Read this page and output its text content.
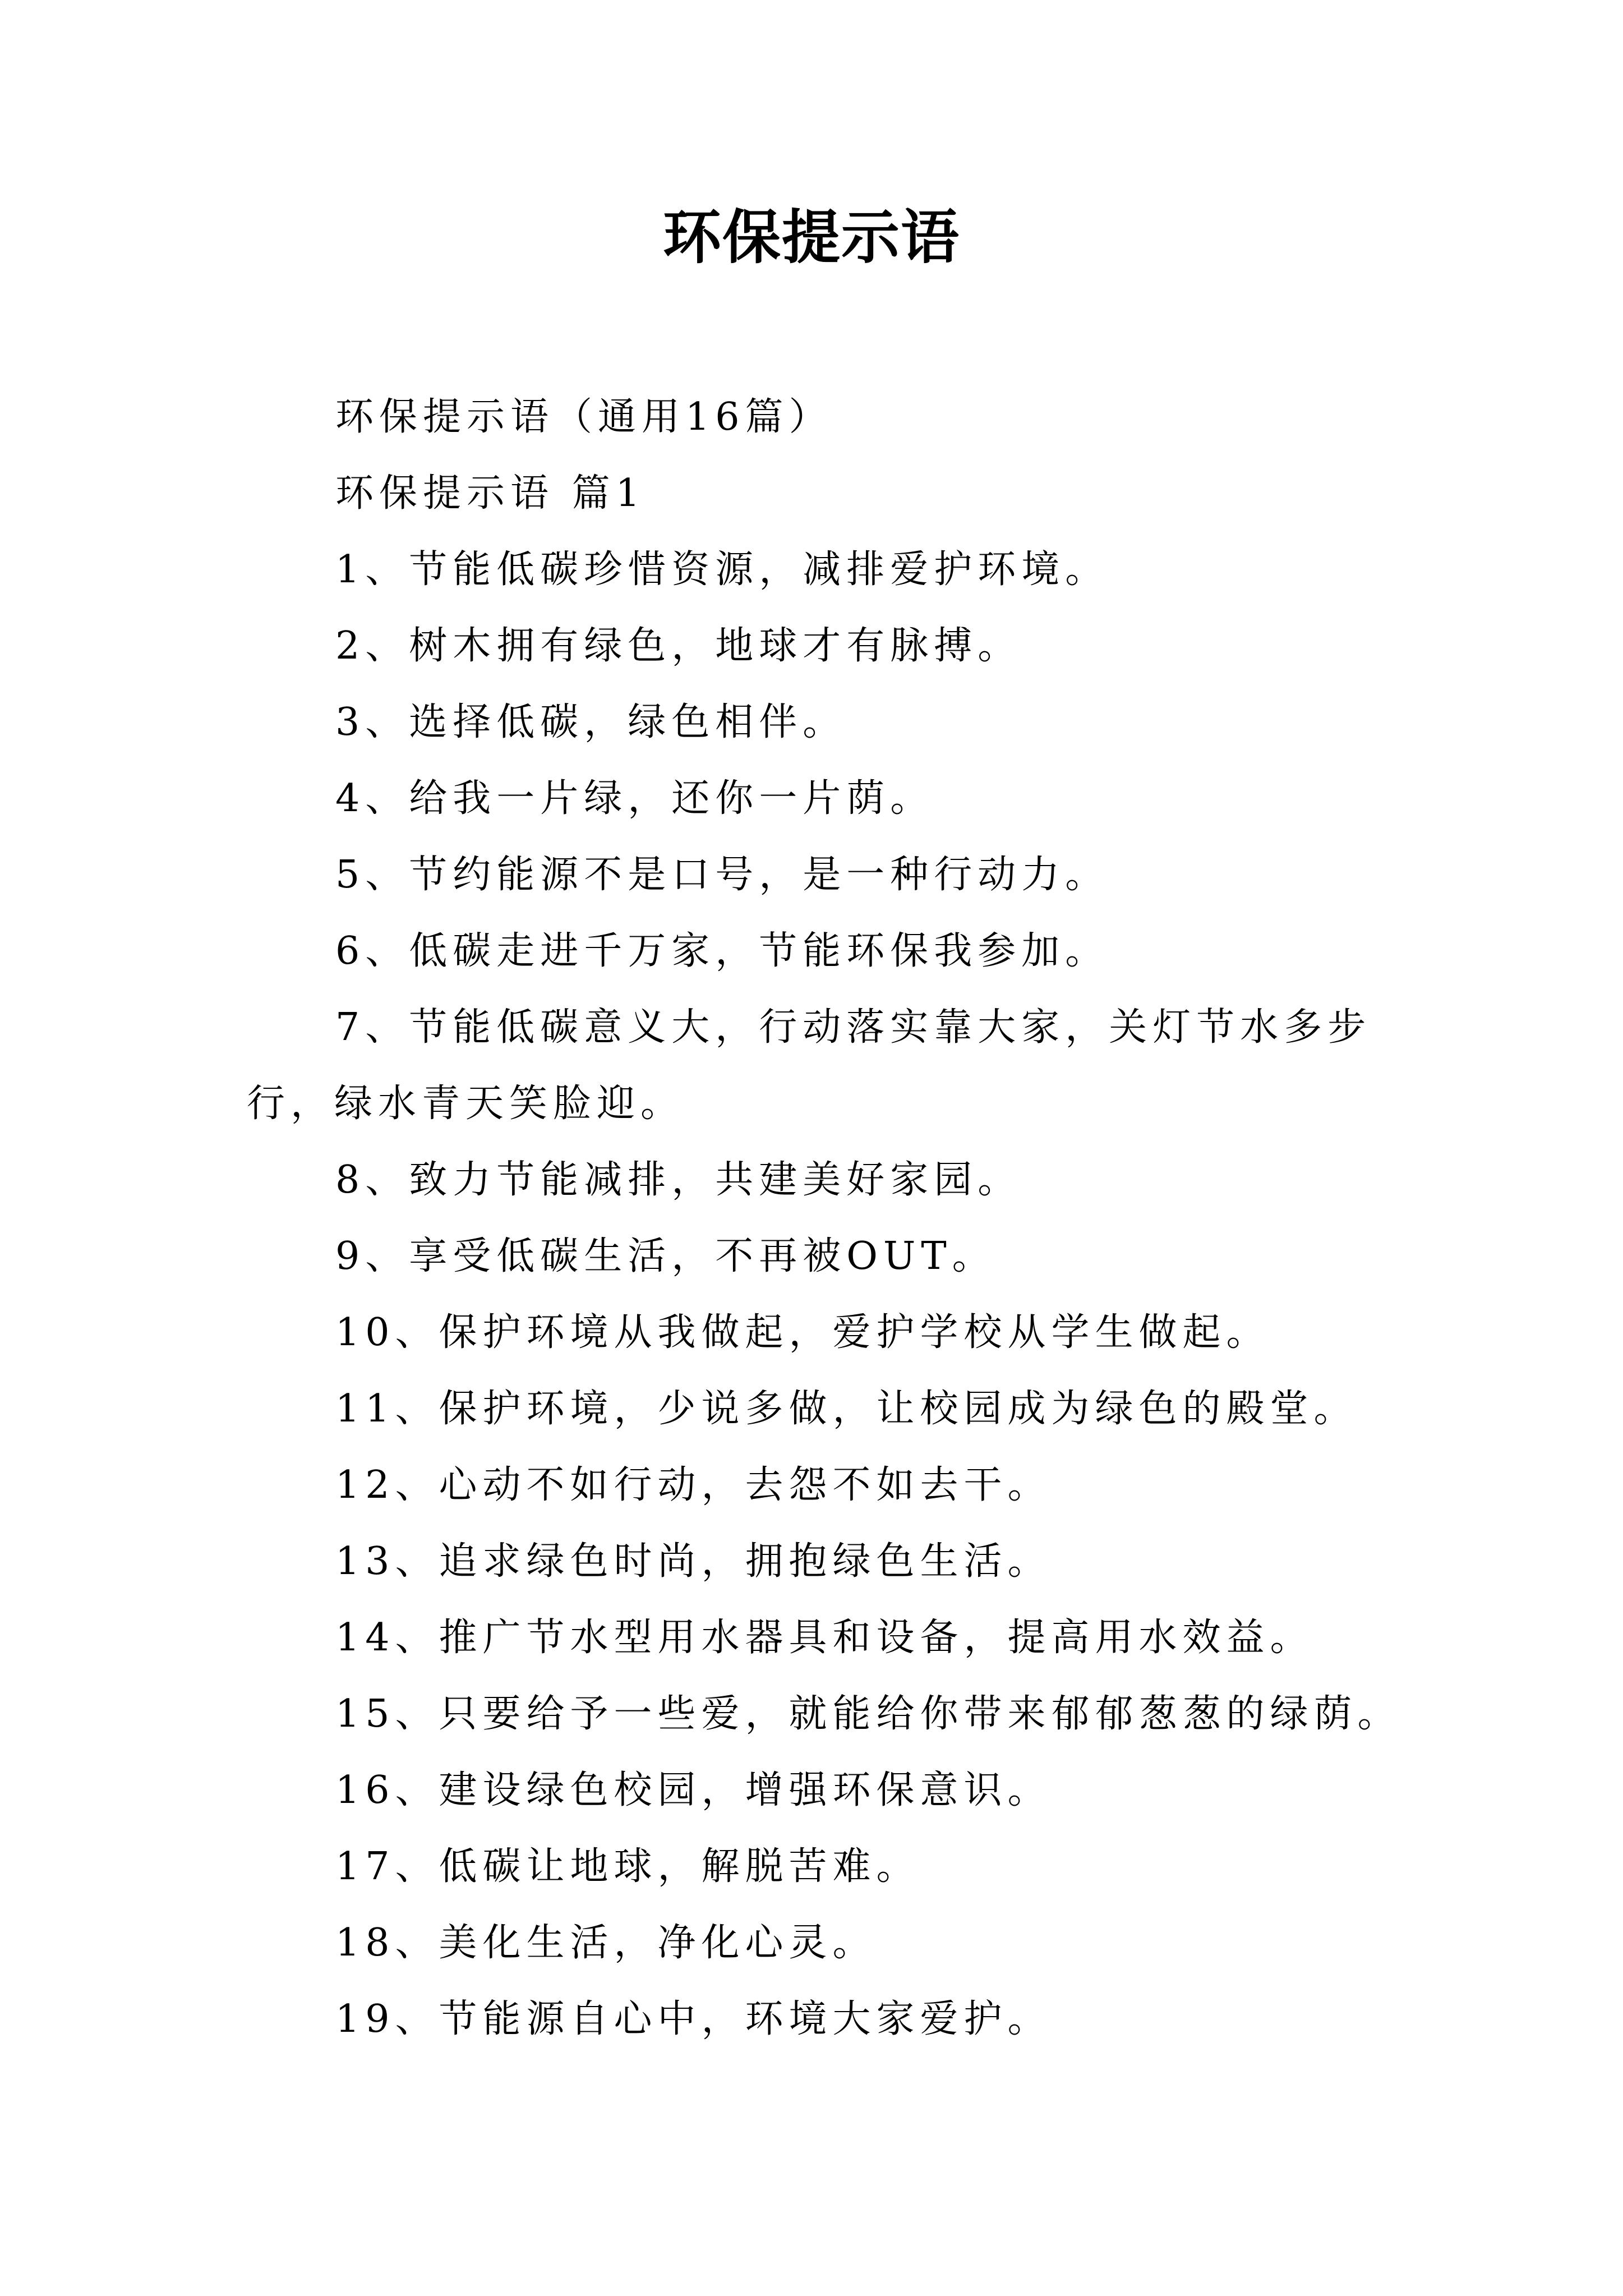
环保提示语
环保提示语（通用16篇）
环保提示语 篇1
1、节能低碳珍惜资源，减排爱护环境。
2、树木拥有绿色，地球才有脉搏。
3、选择低碳，绿色相伴。
4、给我一片绿，还你一片荫。
5、节约能源不是口号，是一种行动力。
6、低碳走进千万家，节能环保我参加。
7、节能低碳意义大，行动落实靠大家，关灯节水多步
行，绿水青天笑脸迎。
8、致力节能减排，共建美好家园。
9、享受低碳生活，不再被OUT。
10、保护环境从我做起，爱护学校从学生做起。
11、保护环境，少说多做，让校园成为绿色的殿堂。
12、心动不如行动，去怨不如去干。
13、追求绿色时尚，拥抱绿色生活。
14、推广节水型用水器具和设备，提高用水效益。
15、只要给予一些爱，就能给你带来郁郁葱葱的绿荫。
16、建设绿色校园，增强环保意识。
17、低碳让地球，解脱苦难。
18、美化生活，净化心灵。
19、节能源自心中，环境大家爱护。
